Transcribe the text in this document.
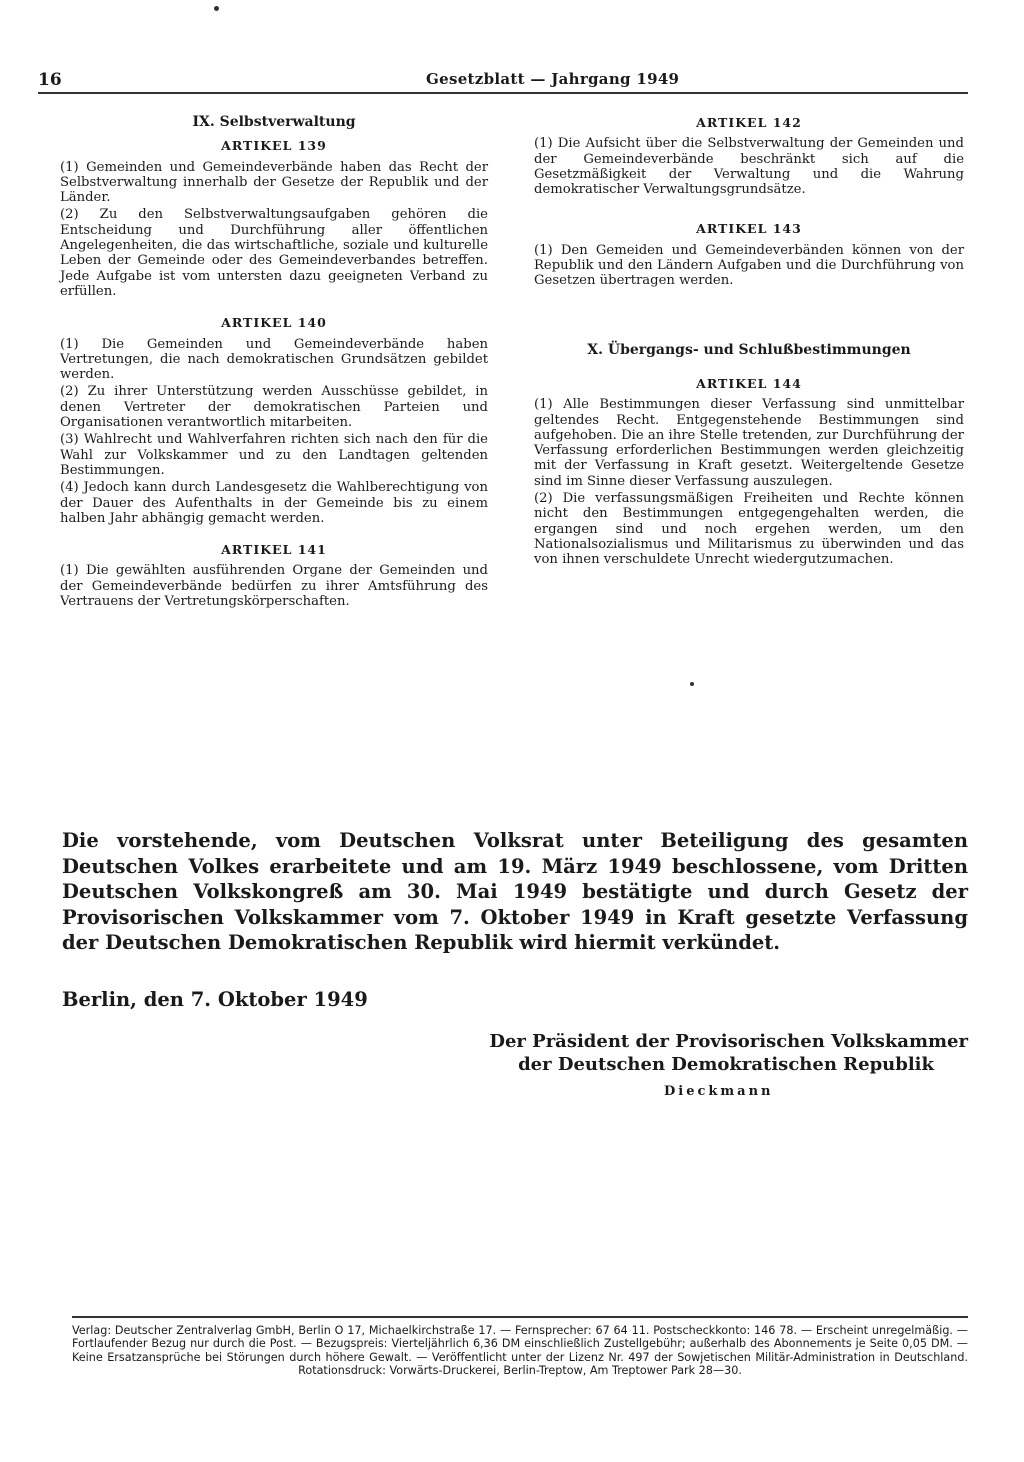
16	Gesetzblatt — Jahrgang 1949
IX. Selbstverwaltung
ARTIKEL 139

(1) Gemeinden und Gemeindeverbände haben das Recht der Selbstverwaltung innerhalb der Gesetze der Republik und der Länder.

(2) Zu den Selbstverwaltungsaufgaben gehören die Entscheidung und Durchführung aller öffentlichen Angelegenheiten, die das wirtschaftliche, soziale und kulturelle Leben der Gemeinde oder des Gemeindeverbandes betreffen. Jede Aufgabe ist vom untersten dazu geeigneten Verband zu erfüllen.

ARTIKEL 140

(1) Die Gemeinden und Gemeindeverbände haben Vertretungen, die nach demokratischen Grundsätzen gebildet werden.

(2) Zu ihrer Unterstützung werden Ausschüsse gebildet, in denen Vertreter der demokratischen Parteien und Organisationen verantwortlich mitarbeiten.

(3) Wahlrecht und Wahlverfahren richten sich nach den für die Wahl zur Volkskammer und zu den Landtagen geltenden Bestimmungen.

(4) Jedoch kann durch Landesgesetz die Wahlberechtigung von der Dauer des Aufenthalts in der Gemeinde bis zu einem halben Jahr abhängig gemacht werden.

ARTIKEL 141

(1) Die gewählten ausführenden Organe der Gemeinden und der Gemeindeverbände bedürfen zu ihrer Amtsführung des Vertrauens der Vertretungskörperschaften.

ARTIKEL 142

(1) Die Aufsicht über die Selbstverwaltung der Gemeinden und der Gemeindeverbände beschränkt sich auf die Gesetzmäßigkeit der Verwaltung und die Wahrung demokratischer Verwaltungsgrundsätze.

ARTIKEL 143

(1) Den Gemeiden und Gemeindeverbänden können von der Republik und den Ländern Aufgaben und die Durchführung von Gesetzen übertragen werden.

X. Übergangs- und Schlußbestimmungen
ARTIKEL 144

(1) Alle Bestimmungen dieser Verfassung sind unmittelbar geltendes Recht. Entgegenstehende Bestimmungen sind aufgehoben. Die an ihre Stelle tretenden, zur Durchführung der Verfassung erforderlichen Bestimmungen werden gleichzeitig mit der Verfassung in Kraft gesetzt. Weitergeltende Gesetze sind im Sinne dieser Verfassung auszulegen.

(2) Die verfassungsmäßigen Freiheiten und Rechte können nicht den Bestimmungen entgegengehalten werden, die ergangen sind und noch ergehen werden, um den Nationalsozialismus und Militarismus zu überwinden und das von ihnen verschuldete Unrecht wiedergutzumachen.

Die vorstehende, vom Deutschen Volksrat unter Beteiligung des gesamten Deutschen Volkes erarbeitete und am 19. März 1949 beschlossene, vom Dritten Deutschen Volkskongreß am 30. Mai 1949 bestätigte und durch Gesetz der Provisorischen Volkskammer vom 7. Oktober 1949 in Kraft gesetzte Verfassung der Deutschen Demokratischen Republik wird hiermit verkündet.
Berlin, den 7. Oktober 1949
Der Präsident der Provisorischen Volkskammer
der Deutschen Demokratischen Republik
Dieckmann
Verlag: Deutscher Zentralverlag GmbH, Berlin O 17, Michaelkirchstraße 17. — Fernsprecher: 67 64 11. Postscheckkonto: 146 78. — Erscheint unregelmäßig. — Fortlaufender Bezug nur durch die Post. — Bezugspreis: Vierteljährlich 6,36 DM einschließlich Zustellgebühr; außerhalb des Abonnements je Seite 0,05 DM. — Keine Ersatzansprüche bei Störungen durch höhere Gewalt. — Veröffentlicht unter der Lizenz Nr. 497 der Sowjetischen Militär-Administration in Deutschland. Rotationsdruck: Vorwärts-Druckerei, Berlin-Treptow, Am Treptower Park 28—30.
